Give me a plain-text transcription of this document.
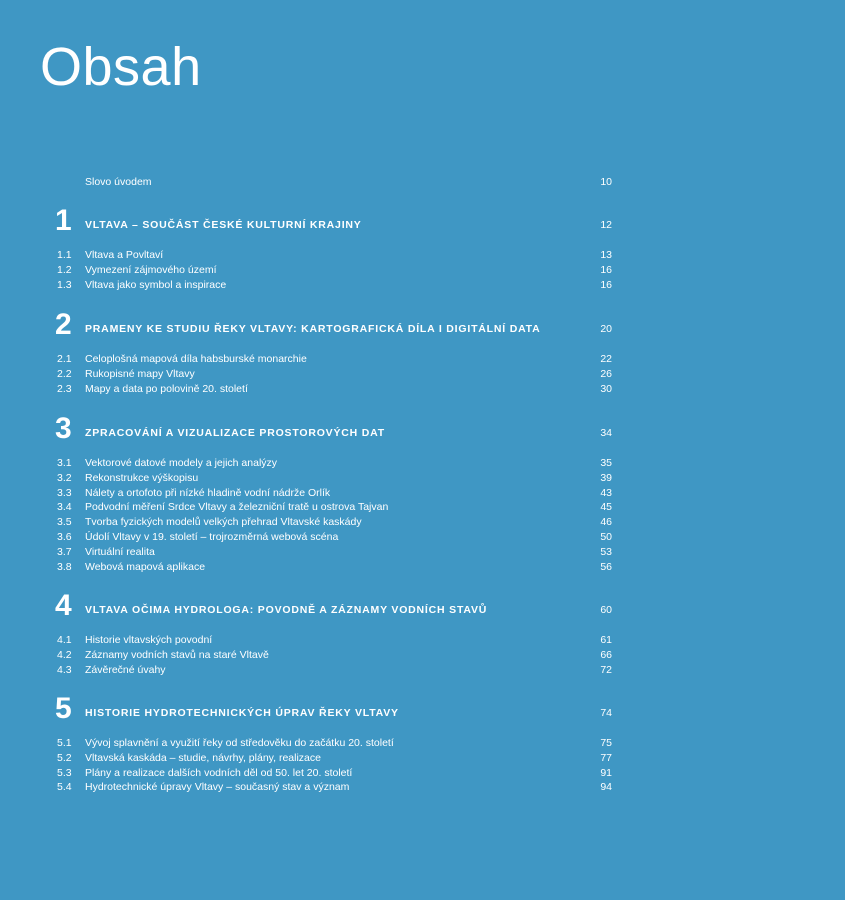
Obsah
Slovo úvodem	10
1 VLTAVA – SOUČÁST ČESKÉ KULTURNÍ KRAJINY	12
1.1 Vltava a Povltaví	13
1.2 Vymezení zájmového území	16
1.3 Vltava jako symbol a inspirace	16
2 PRAMENY KE STUDIU ŘEKY VLTAVY: KARTOGRAFICKÁ DÍLA I DIGITÁLNÍ DATA	20
2.1 Celoplošná mapová díla habsburské monarchie	22
2.2 Rukopisné mapy Vltavy	26
2.3 Mapy a data po polovině 20. století	30
3 ZPRACOVÁNÍ A VIZUALIZACE PROSTOROVÝCH DAT	34
3.1 Vektorové datové modely a jejich analýzy	35
3.2 Rekonstrukce výškopisu	39
3.3 Nálety a ortofoto při nízké hladině vodní nádrže Orlík	43
3.4 Podvodní měření Srdce Vltavy a železniční tratě u ostrova Tajvan	45
3.5 Tvorba fyzických modelů velkých přehrad Vltavské kaskády	46
3.6 Údolí Vltavy v 19. století – trojrozměrná webová scéna	50
3.7 Virtuální realita	53
3.8 Webová mapová aplikace	56
4 VLTAVA OČIMA HYDROLOGA: POVODNĚ A ZÁZNAMY VODNÍCH STAVŮ	60
4.1 Historie vltavských povodní	61
4.2 Záznamy vodních stavů na staré Vltavě	66
4.3 Závěrečné úvahy	72
5 HISTORIE HYDROTECHNICKÝCH ÚPRAV ŘEKY VLTAVY	74
5.1 Vývoj splavnění a využití řeky od středověku do začátku 20. století	75
5.2 Vltavská kaskáda – studie, návrhy, plány, realizace	77
5.3 Plány a realizace dalších vodních děl od 50. let 20. století	91
5.4 Hydrotechnické úpravy Vltavy – současný stav a význam	94
